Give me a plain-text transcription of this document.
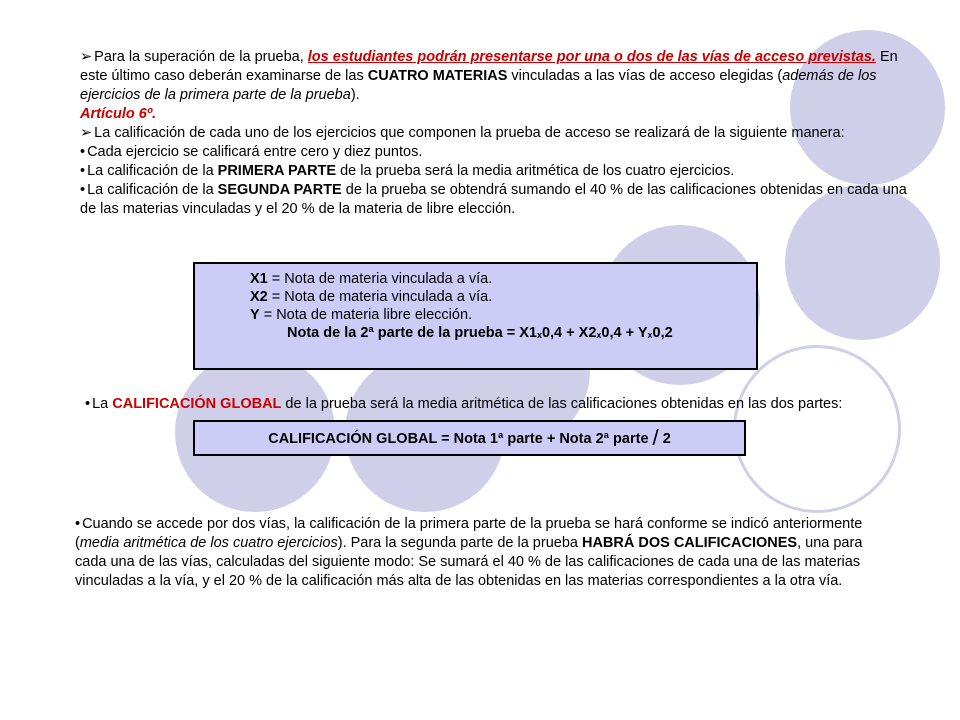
➢ Para la superación de la prueba, los estudiantes podrán presentarse por una o dos de las vías de acceso previstas. En este último caso deberán examinarse de las CUATRO MATERIAS vinculadas a las vías de acceso elegidas (además de los ejercicios de la primera parte de la prueba).
Artículo 6º.
➢ La calificación de cada uno de los ejercicios que componen la prueba de acceso se realizará de la siguiente manera:
• Cada ejercicio se calificará entre cero y diez puntos.
• La calificación de la PRIMERA PARTE de la prueba será la media aritmética de los cuatro ejercicios.
• La calificación de la SEGUNDA PARTE de la prueba se obtendrá sumando el 40 % de las calificaciones obtenidas en cada una de las materias vinculadas y el 20 % de la materia de libre elección.
X1 = Nota de materia vinculada a vía.
X2 = Nota de materia vinculada a vía.
Y = Nota de materia libre elección.
Nota de la 2ª parte de la prueba = $X1_x0,4 + X2_x0,4 + Y_x0,2$
• La CALIFICACIÓN GLOBAL de la prueba será la media aritmética de las calificaciones obtenidas en las dos partes:
CALIFICACIÓN GLOBAL = Nota 1ª parte + Nota 2ª parte / 2
• Cuando se accede por dos vías, la calificación de la primera parte de la prueba se hará conforme se indicó anteriormente (media aritmética de los cuatro ejercicios). Para la segunda parte de la prueba HABRÁ DOS CALIFICACIONES, una para cada una de las vías, calculadas del siguiente modo: Se sumará el 40 % de las calificaciones de cada una de las materias vinculadas a la vía, y el 20 % de la calificación más alta de las obtenidas en las materias correspondientes a la otra vía.
